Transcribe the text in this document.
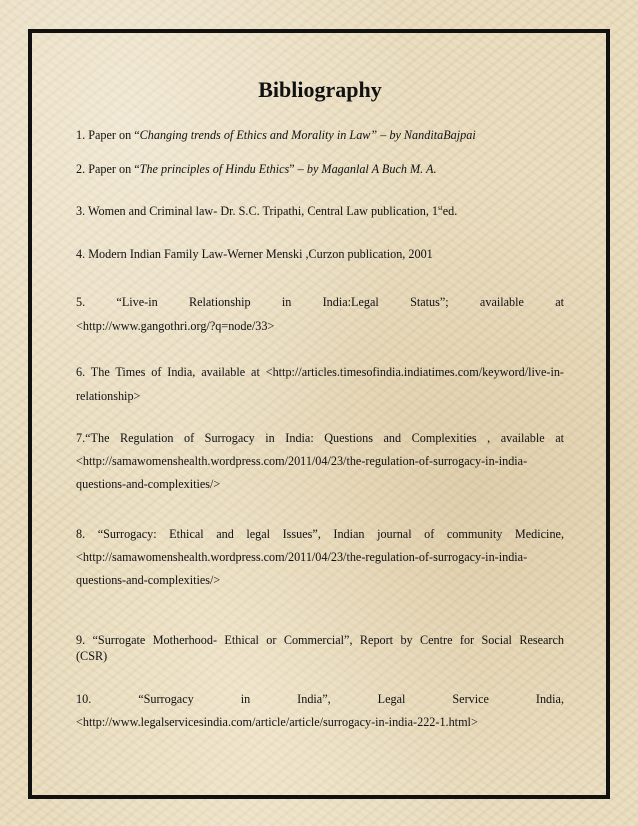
Bibliography
1. Paper on “Changing trends of Ethics and Morality in Law” – by NanditaBajpai
2. Paper on “The principles of Hindu Ethics” – by Maganlal A Buch M. A.
3. Women and Criminal law- Dr. S.C. Tripathi, Central Law publication, 1sted.
4. Modern Indian Family Law-Werner Menski ,Curzon publication, 2001
5. “Live-in Relationship in India:Legal Status”; available at
<http://www.gangothri.org/?q=node/33>
6. The Times of India, available at <http://articles.timesofindia.indiatimes.com/keyword/live-in-
relationship>
7.“The Regulation of Surrogacy in India: Questions and Complexities , available at
<http://samawomenshealth.wordpress.com/2011/04/23/the-regulation-of-surrogacy-in-india-
questions-and-complexities/>
8. “Surrogacy: Ethical and legal Issues”, Indian journal of community Medicine,
<http://samawomenshealth.wordpress.com/2011/04/23/the-regulation-of-surrogacy-in-india-
questions-and-complexities/>
9. “Surrogate Motherhood- Ethical or Commercial”, Report by Centre for Social Research
(CSR)
10. “Surrogacy in India”, Legal Service India,
<http://www.legalservicesindia.com/article/article/surrogacy-in-india-222-1.html>
